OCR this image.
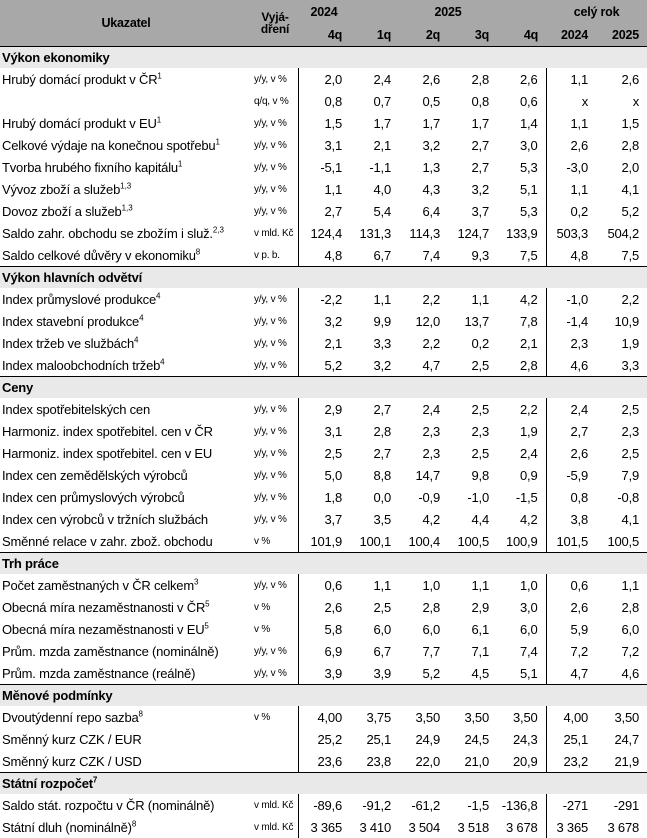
Ukazatel	Vyjá-
dření	2024	2025				celý rok	
		4q	1q	2q	3q	4q	2024	2025
Výkon ekonomiky								
Hrubý domácí produkt v $ČR^1$	y/y, v %	2,0	2,4	2,6	2,8	2,6	1,1	2,6
	q/q, v %	0,8	0,7	0,5	0,8	0,6	x	x
Hrubý domácí produkt v $EU^1$	y/y, v %	1,5	1,7	1,7	1,7	1,4	1,1	1,5
Celkové výdaje na konečnou spotřebu$^1$	y/y, v %	3,1	2,1	3,2	2,7	3,0	2,6	2,8
Tvorba hrubého fixního kapitálu$^1$	y/y, v %	-5,1	-1,1	1,3	2,7	5,3	-3,0	2,0
Vývoz zboží a služeb$^{1,3}$	y/y, v %	1,1	4,0	4,3	3,2	5,1	1,1	4,1
Dovoz zboží a služeb$^{1,3}$	y/y, v %	2,7	5,4	6,4	3,7	5,3	0,2	5,2
Saldo zahr. obchodu se zbožím i služ.$^{2,3}$	v mld. Kč	124,4	131,3	114,3	124,7	133,9	503,3	504,2
Saldo celkové důvěry v ekonomiku$^8$	v p. b.	4,8	6,7	7,4	9,3	7,5	4,8	7,5
Výkon hlavních odvětví								
Index průmyslové produkce$^4$	y/y, v %	-2,2	1,1	2,2	1,1	4,2	-1,0	2,2
Index stavební produkce$^4$	y/y, v %	3,2	9,9	12,0	13,7	7,8	-1,4	10,9
Index tržeb ve službách$^4$	y/y, v %	2,1	3,3	2,2	0,2	2,1	2,3	1,9
Index maloobchodních tržeb$^4$	y/y, v %	5,2	3,2	4,7	2,5	2,8	4,6	3,3
Ceny								
Index spotřebitelských cen	y/y, v %	2,9	2,7	2,4	2,5	2,2	2,4	2,5
Harmoniz. index spotřebitel. cen v ČR	y/y, v %	3,1	2,8	2,3	2,3	1,9	2,7	2,3
Harmoniz. index spotřebitel. cen v EU	y/y, v %	2,5	2,7	2,3	2,5	2,4	2,6	2,5
Index cen zemědělských výrobců	y/y, v %	5,0	8,8	14,7	9,8	0,9	-5,9	7,9
Index cen průmyslových výrobců	y/y, v %	1,8	0,0	-0,9	-1,0	-1,5	0,8	-0,8
Index cen výrobců v tržních službách	y/y, v %	3,7	3,5	4,2	4,4	4,2	3,8	4,1
Směnné relace v zahr. zbož. obchodu	v %	101,9	100,1	100,4	100,5	100,9	101,5	100,5
Trh práce								
Počet zaměstnaných v ČR celkem$^3$	y/y, v %	0,6	1,1	1,0	1,1	1,0	0,6	1,1
Obecná míra nezaměstnanosti v $ČR^5$	v %	2,6	2,5	2,8	2,9	3,0	2,6	2,8
Obecná míra nezaměstnanosti v $EU^5$	v %	5,8	6,0	6,0	6,1	6,0	5,9	6,0
Prům. mzda zaměstnance (nominálně)	y/y, v %	6,9	6,7	7,7	7,1	7,4	7,2	7,2
Prům. mzda zaměstnance (reálně)	y/y, v %	3,9	3,9	5,2	4,5	5,1	4,7	4,6
Měnové podmínky								
Dvoutýdenní repo sazba$^8$	v %	4,00	3,75	3,50	3,50	3,50	4,00	3,50
Směnný kurz CZK / EUR		25,2	25,1	24,9	24,5	24,3	25,1	24,7
Směnný kurz CZK / USD		23,6	23,8	22,0	21,0	20,9	23,2	21,9
Státní rozpočet$^7$
Saldo stát. rozpočtu v ČR (nominálně)	v mld. Kč	-89,6	-91,2	-61,2	-1,5	-136,8	-271	-291
Státní dluh (nominálně)$^8$	v mld. Kč	3 365	3 410	3 504	3 518	3 678	3 365	3 678
